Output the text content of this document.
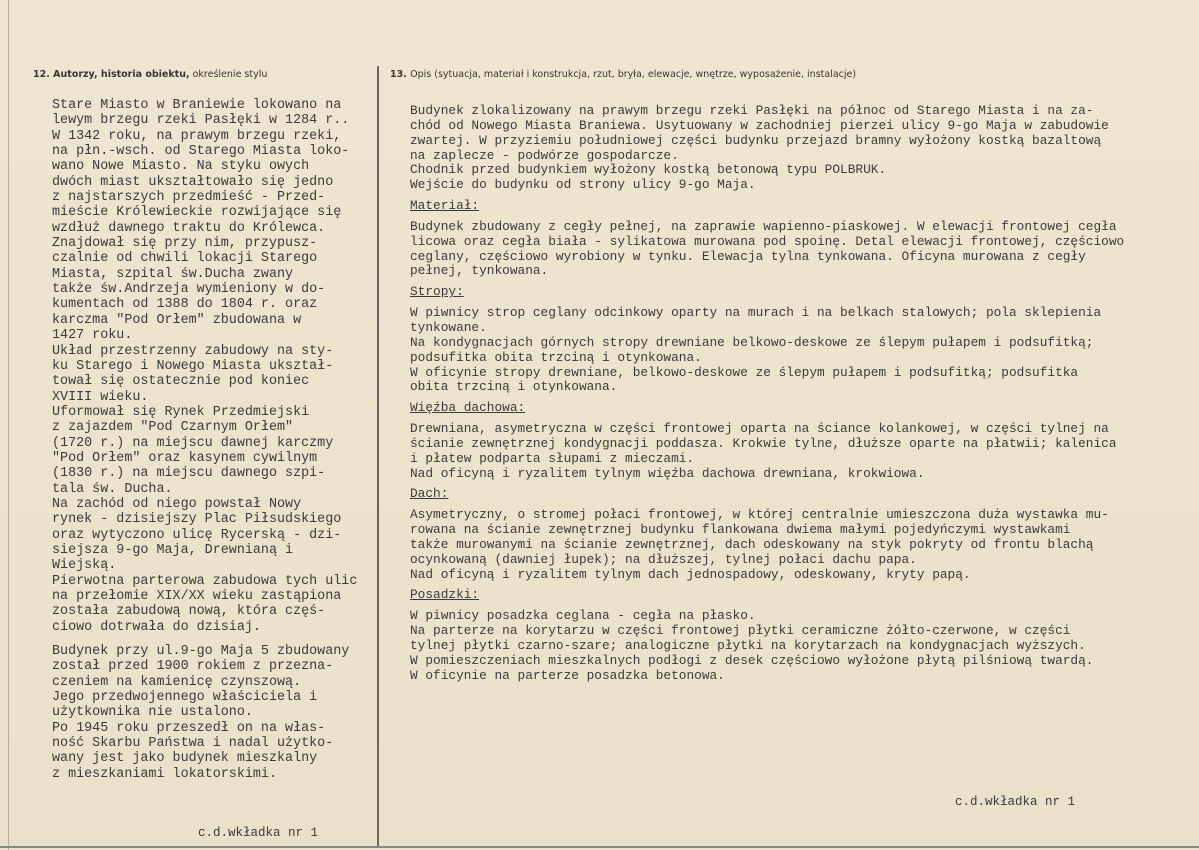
12. Autorzy, historia obiektu, określenie stylu	13. Opis (sytuacja, materiał i konstrukcja, rzut, bryła, elewacje, wnętrze, wyposażenie, instalacje)
Stare Miasto w Braniewie lokowano na
lewym brzegu rzeki Pasłęki w 1284 r..
W 1342 roku, na prawym brzegu rzeki,
na płn.-wsch. od Starego Miasta loko-
wano Nowe Miasto. Na styku owych
dwóch miast ukształtowało się jedno
z najstarszych przedmieść - Przed-
mieście Królewieckie rozwijające się
wzdłuż dawnego traktu do Królewca.
Znajdował się przy nim, przypusz-
czalnie od chwili lokacji Starego
Miasta, szpital św.Ducha zwany
także św.Andrzeja wymieniony w do-
kumentach od 1388 do 1804 r. oraz
karczma "Pod Orłem" zbudowana w
1427 roku.
Układ przestrzenny zabudowy na sty-
ku Starego i Nowego Miasta ukształ-
tował się ostatecznie pod koniec
XVIII wieku.
Uformował się Rynek Przedmiejski
z zajazdem "Pod Czarnym Orłem"
(1720 r.) na miejscu dawnej karczmy
"Pod Orłem" oraz kasynem cywilnym
(1830 r.) na miejscu dawnego szpi-
tala św. Ducha.
Na zachód od niego powstał Nowy
rynek - dzisiejszy Plac Piłsudskiego
oraz wytyczono ulicę Rycerską - dzi-
siejsza 9-go Maja, Drewnianą i
Wiejską.
Pierwotna parterowa zabudowa tych ulic
na przełomie XIX/XX wieku zastąpiona
została zabudową nową, która częś-
ciowo dotrwała do dzisiaj.
Budynek przy ul.9-go Maja 5 zbudowany
został przed 1900 rokiem z przezna-
czeniem na kamienicę czynszową.
Jego przedwojennego właściciela i
użytkownika nie ustalono.
Po 1945 roku przeszedł on na włas-
ność Skarbu Państwa i nadal użytko-
wany jest jako budynek mieszkalny
z mieszkaniami lokatorskimi.
Budynek zlokalizowany na prawym brzegu rzeki Pasłęki na północ od Starego Miasta i na za-
chód od Nowego Miasta Braniewa. Usytuowany w zachodniej pierzei ulicy 9-go Maja w zabudowie
zwartej. W przyziemiu południowej części budynku przejazd bramny wyłożony kostką bazaltową
na zaplecze - podwórze gospodarcze.
Chodnik przed budynkiem wyłożony kostką betonową typu POLBRUK.
Wejście do budynku od strony ulicy 9-go Maja.
Materiał:
Budynek zbudowany z cegły pełnej, na zaprawie wapienno-piaskowej. W elewacji frontowej cegła
licowa oraz cegła biała - sylikatowa murowana pod spoinę. Detal elewacji frontowej, częściowo
ceglany, częściowo wyrobiony w tynku. Elewacja tylna tynkowana. Oficyna murowana z cegły
pełnej, tynkowana.
Stropy:
W piwnicy strop ceglany odcinkowy oparty na murach i na belkach stalowych; pola sklepienia
tynkowane.
Na kondygnacjach górnych stropy drewniane belkowo-deskowe ze ślepym pułapem i podsufitką;
podsufitka obita trzciną i otynkowana.
W oficynie stropy drewniane, belkowo-deskowe ze ślepym pułapem i podsufitką; podsufitka
obita trzciną i otynkowana.
Więźba dachowa:
Drewniana, asymetryczna w części frontowej oparta na ściance kolankowej, w części tylnej na
ścianie zewnętrznej kondygnacji poddasza. Krokwie tylne, dłuższe oparte na płatwii; kalenica
i płatew podparta słupami z mieczami.
Nad oficyną i ryzalitem tylnym więźba dachowa drewniana, krokwiowa.
Dach:
Asymetryczny, o stromej połaci frontowej, w której centralnie umieszczona duża wystawka mu-
rowana na ścianie zewnętrznej budynku flankowana dwiema małymi pojedyńczymi wystawkami
także murowanymi na ścianie zewnętrznej, dach odeskowany na styk pokryty od frontu blachą
ocynkowaną (dawniej łupek); na dłuższej, tylnej połaci dachu papa.
Nad oficyną i ryzalitem tylnym dach jednospadowy, odeskowany, kryty papą.
Posadzki:
W piwnicy posadzka ceglana - cegła na płasko.
Na parterze na korytarzu w części frontowej płytki ceramiczne żółto-czerwone, w części
tylnej płytki czarno-szare; analogiczne płytki na korytarzach na kondygnacjach wyższych.
W pomieszczeniach mieszkalnych podłogi z desek częściowo wyłożone płytą pilśniową twardą.
W oficynie na parterze posadzka betonowa.
c.d.wkładka nr 1
c.d.wkładka nr 1
